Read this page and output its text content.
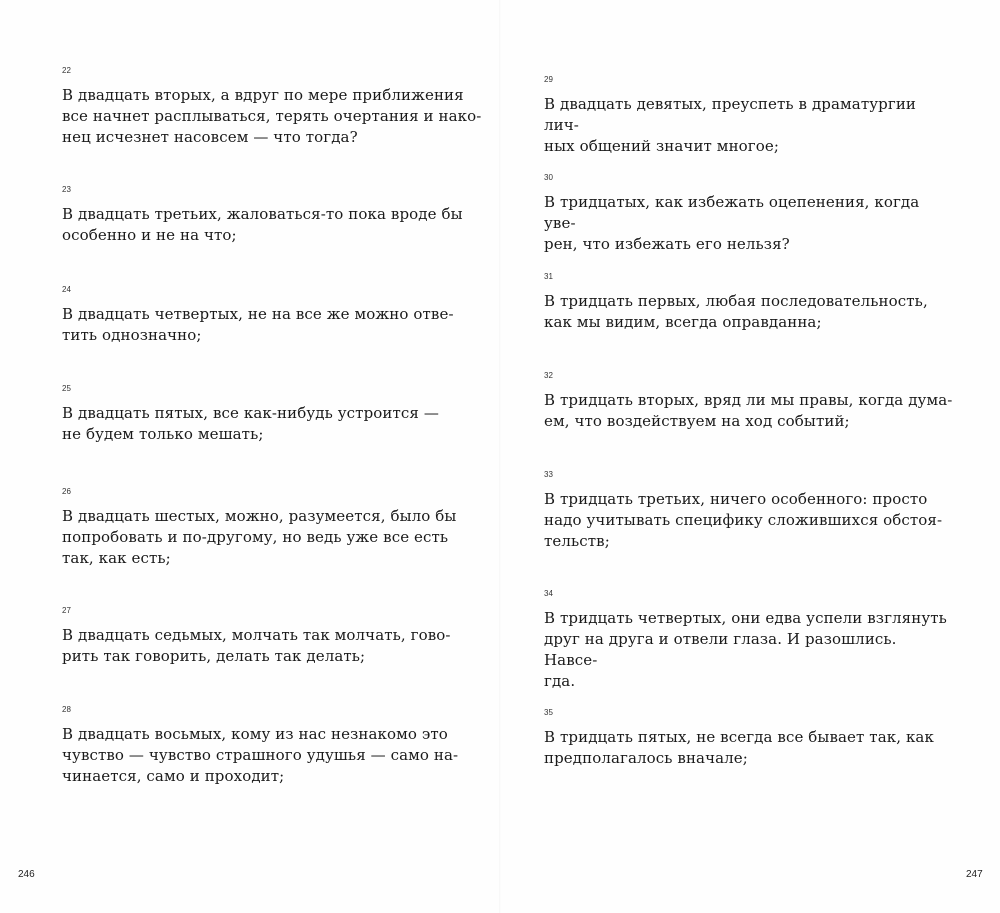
22
В двадцать вторых, а вдруг по мере приближения
все начнет расплываться, терять очертания и нако-
нец исчезнет насовсем — что тогда?
23
В двадцать третьих, жаловаться-то пока вроде бы
особенно и не на что;
24
В двадцать четвертых, не на все же можно отве-
тить однозначно;
25
В двадцать пятых, все как-нибудь устроится —
не будем только мешать;
26
В двадцать шестых, можно, разумеется, было бы
попробовать и по-другому, но ведь уже все есть
так, как есть;
27
В двадцать седьмых, молчать так молчать, гово-
рить так говорить, делать так делать;
28
В двадцать восьмых, кому из нас незнакомо это
чувство — чувство страшного удушья — само на-
чинается, само и проходит;
246
29
В двадцать девятых, преуспеть в драматургии лич-
ных общений значит многое;
30
В тридцатых, как избежать оцепенения, когда уве-
рен, что избежать его нельзя?
31
В тридцать первых, любая последовательность,
как мы видим, всегда оправданна;
32
В тридцать вторых, вряд ли мы правы, когда дума-
ем, что воздействуем на ход событий;
33
В тридцать третьих, ничего особенного: просто
надо учитывать специфику сложившихся обстоя-
тельств;
34
В тридцать четвертых, они едва успели взглянуть
друг на друга и отвели глаза. И разошлись. Навсе-
гда.
35
В тридцать пятых, не всегда все бывает так, как
предполагалось вначале;
247
